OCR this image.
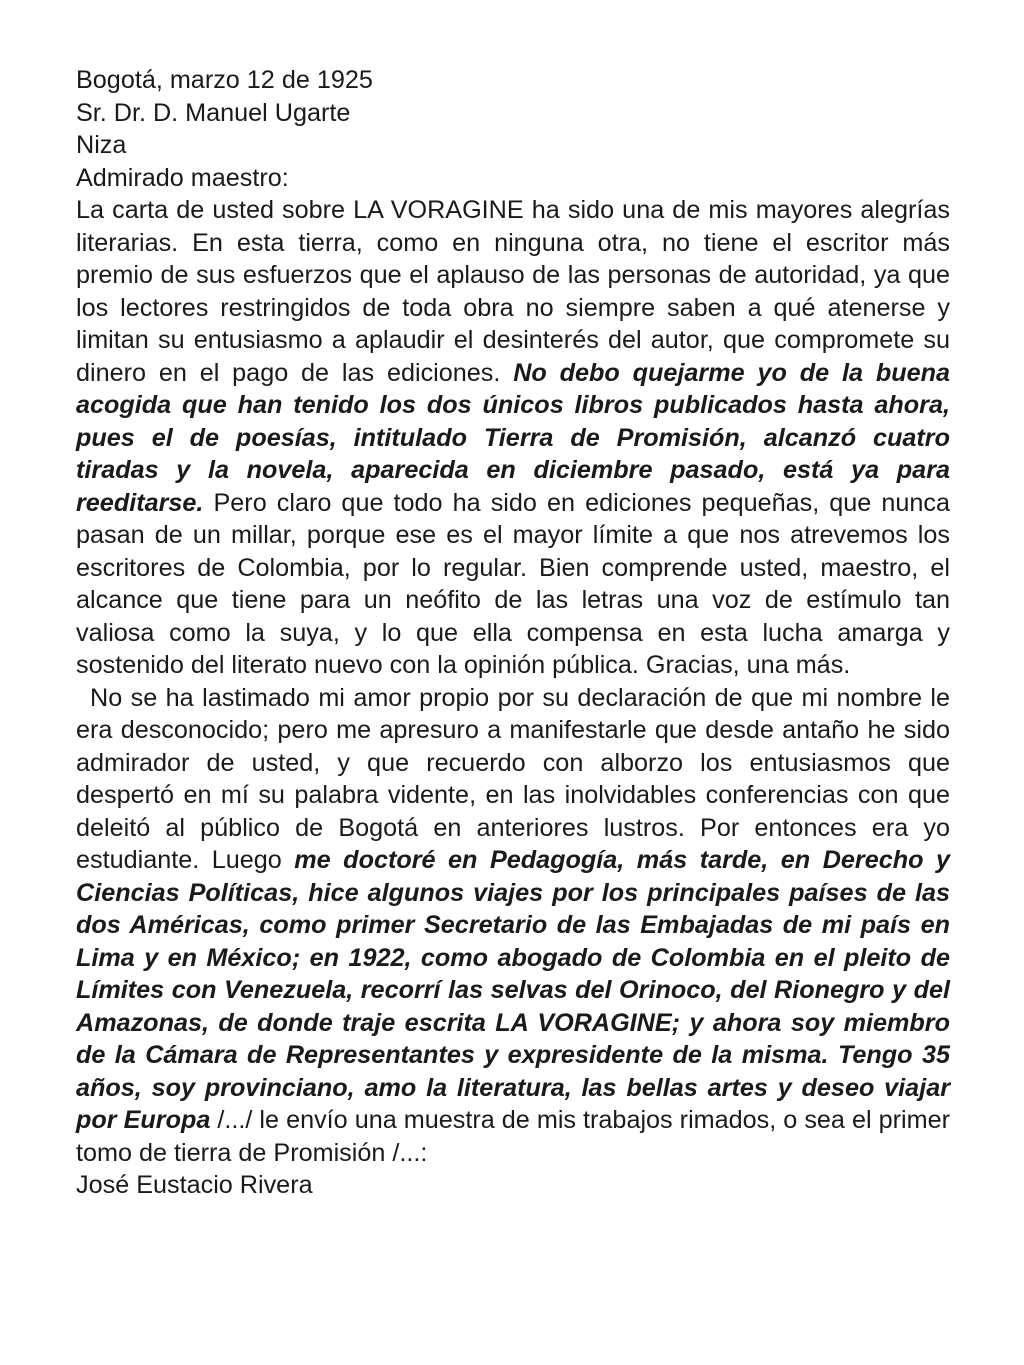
Bogotá, marzo 12 de 1925
Sr. Dr. D. Manuel Ugarte
Niza
Admirado maestro:

La carta de usted sobre LA VORAGINE ha sido una de mis mayores alegrías literarias. En esta tierra, como en ninguna otra, no tiene el escritor más premio de sus esfuerzos que el aplauso de las personas de autoridad, ya que los lectores restringidos de toda obra no siempre saben a qué atenerse y limitan su entusiasmo a aplaudir el desinterés del autor, que compromete su dinero en el pago de las ediciones. No debo quejarme yo de la buena acogida que han tenido los dos únicos libros publicados hasta ahora, pues el de poesías, intitulado Tierra de Promisión, alcanzó cuatro tiradas y la novela, aparecida en diciembre pasado, está ya para reeditarse. Pero claro que todo ha sido en ediciones pequeñas, que nunca pasan de un millar, porque ese es el mayor límite a que nos atrevemos los escritores de Colombia, por lo regular. Bien comprende usted, maestro, el alcance que tiene para un neófito de las letras una voz de estímulo tan valiosa como la suya, y lo que ella compensa en esta lucha amarga y sostenido del literato nuevo con la opinión pública. Gracias, una más.

No se ha lastimado mi amor propio por su declaración de que mi nombre le era desconocido; pero me apresuro a manifestarle que desde antaño he sido admirador de usted, y que recuerdo con alborzo los entusiasmos que despertó en mí su palabra vidente, en las inolvidables conferencias con que deleitó al público de Bogotá en anteriores lustros. Por entonces era yo estudiante. Luego me doctoré en Pedagogía, más tarde, en Derecho y Ciencias Políticas, hice algunos viajes por los principales países de las dos Américas, como primer Secretario de las Embajadas de mi país en Lima y en México; en 1922, como abogado de Colombia en el pleito de Límites con Venezuela, recorrí las selvas del Orinoco, del Rionegro y del Amazonas, de donde traje escrita LA VORAGINE; y ahora soy miembro de la Cámara de Representantes y expresidente de la misma. Tengo 35 años, soy provinciano, amo la literatura, las bellas artes y deseo viajar por Europa /.../ le envío una muestra de mis trabajos rimados, o sea el primer tomo de tierra de Promisión /...:

José Eustacio Rivera
